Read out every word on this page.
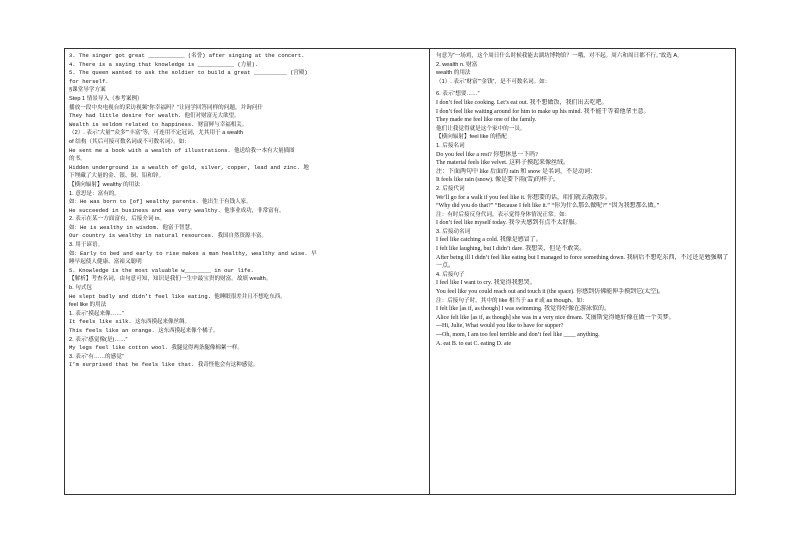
3. The singer got great ___________ (名誉) after singing at the concert.
4. There is a saying that knowledge is ___________ (力量).
5. The queen wanted to ask the soldier to build a great __________ (宫殿)
for herself.
§课堂导学方案
Step 1 情景导入（参考案例）
播放一段中央电视台的采访视频“你幸福吗？”让同学回答同样的问题，并询问什
They had little desire for wealth. 他们对财富无大欲望。
Wealth is seldom related to happiness. 财富鲜与幸福相关。
（2）. 表示“大量”“众多”“丰富”等，可连用不定冠词，尤其用于 a wealth
of 结构（其后可接可数名词或不可数名词）。如：
He sent me a book with a wealth of illustrations. 他送给我一本有大量插图
的书。
Hidden underground is a wealth of gold, silver, copper, lead and zinc. 地
下埋藏了大量的金、银、铜、铅和锌。
【横向辐射】wealthy 的用法
1. 意思是：富有的。
如：He was born to [of] wealthy parents. 他出生于有钱人家。
He succeeded in business and was very wealthy. 他事业成功，非常富有。
2. 表示在某一方面富有，后接介词 in。
如：He is wealthy in wisdom. 他富于智慧。
Our country is wealthy in natural resources. 我国自然资源丰富。
3. 用于谚语。
如：Early to bed and early to rise makes a man healthy, wealthy and wise. 早
睡早起使人健康、富裕又聪明
5. Knowledge is the most valuable w________ in our life.
【解析】考查名词，由句意可知，知识是我们一生中最宝贵的财富。故填 wealth。
b. 句式包
He slept badly and didn’t feel like eating. 他睡眠很差并且不想吃东西。
feel like 的用法
1. 表示“摸起来像……”
It feels like silk. 这东西摸起来像丝绸。
This feels like an orange. 这东西摸起来像个橘子。
2. 表示“感觉像(是)……”
My legs feel like cotton wool. 我腿觉得两条腿像棉絮一样。
3. 表示“有……的感觉”
I’m surprised that he feels like that. 我奇怪他会有这种感觉。
句意为“一场鸡，这个周日什么时候我能去湖坊博物馆？一哦，对不起。周六和周日都不行。”故选 A。
2. wealth n. 财富
wealth 的用法
（1）. 表示“财富”“金钱”，是不可数名词。如：
6. 表示“想要……”
I don’t feel like cooking. Let’s eat out. 我不想做饭，我们出去吃吧。
I don’t feel like waiting around for him to make up his mind. 我不能干等着他拿主意。
They made me feel like one of the family.
他们让我觉得就是这个家中的一员。
【横向辐射】feel like 的搭配
1. 后接名词
Do you feel like a rest? 你想休息一下吗?
The material feels like velvet. 这料子摸起来像丝绒。
注：下面两句中 like 后面的 rain 和 snow 是名词，不是动词：
It feels like rain (snow). 像是要下雨(雪)的样子。
2. 后接代词
We’ll go for a walk if you feel like it. 你想要的话，咱们就去散散步。
“Why did you do that?” “Because I felt like it.” “你为什么那么做呢?” “因为我想那么做。”
注：有时后接反身代词，表示觉得身体情况正常。如：
I don’t feel like myself today. 我今天感到有点不太舒服。
3. 后接动名词
I feel like catching a cold. 我像是感冒了。
I felt like laughing, but I didn’t dare. 我想笑，但是不敢笑。
After being ill I didn’t feel like eating but I managed to force something down. 我病后不想吃东西，不过还是勉强咽了一点。
4. 后接句子
I feel like I want to cry. 我觉得我想哭。
You feel like you could reach out and touch it (the space). 你感到仿佛能伸手摸到它(太空)。
注：后接句子时，其中的 like 相当于 as if 或 as though。如：
I felt like [as if, as though] I was swimming. 我觉得好像在游泳似的。
Alice felt like [as if, as though] she was in a very nice dream. 艾丽斯觉得她好像在做一个美梦。
---Hi, Julie, What would you like to have for supper?
---Oh, mom, I am too feel terrible and don’t feel like ____ anything.
A. eat B. to eat C. eating D. ate
